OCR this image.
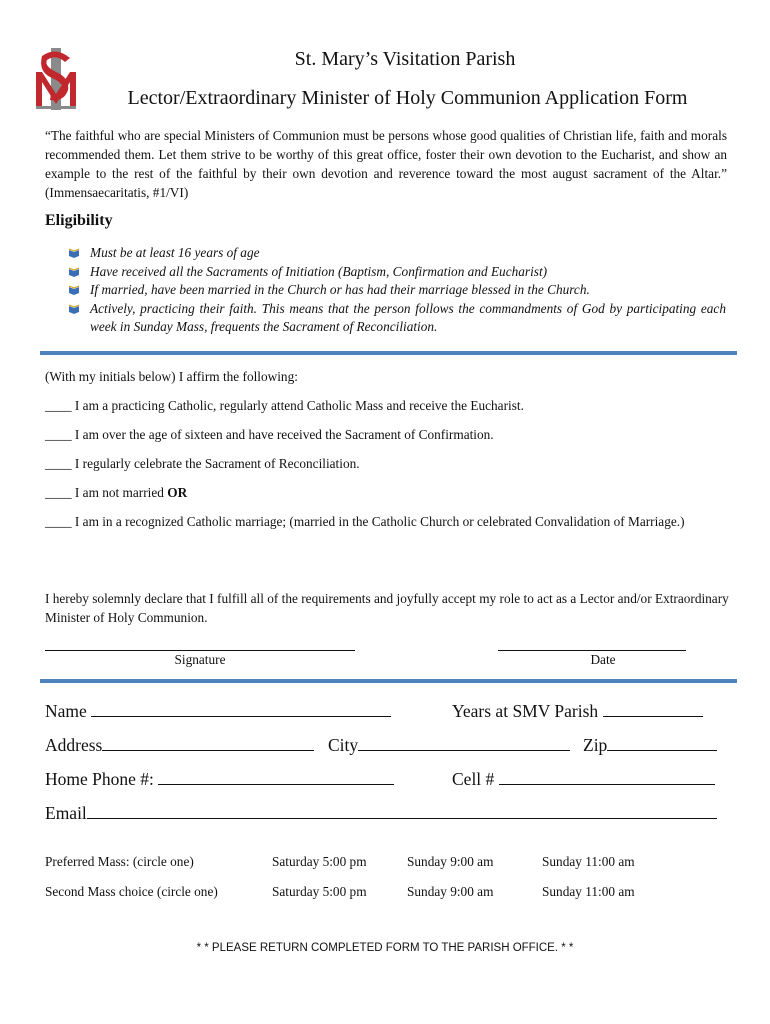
St. Mary’s Visitation Parish
Lector/Extraordinary Minister of Holy Communion Application Form
“The faithful who are special Ministers of Communion must be persons whose good qualities of Christian life, faith and morals recommended them. Let them strive to be worthy of this great office, foster their own devotion to the Eucharist, and show an example to the rest of the faithful by their own devotion and reverence toward the most august sacrament of the Altar.” (Immensaecaritatis, #1/VI)
Eligibility
Must be at least 16 years of age
Have received all the Sacraments of Initiation (Baptism, Confirmation and Eucharist)
If married, have been married in the Church or has had their marriage blessed in the Church.
Actively, practicing their faith. This means that the person follows the commandments of God by participating each week in Sunday Mass, frequents the Sacrament of Reconciliation.
(With my initials below) I affirm the following:
____ I am a practicing Catholic, regularly attend Catholic Mass and receive the Eucharist.
____ I am over the age of sixteen and have received the Sacrament of Confirmation.
____ I regularly celebrate the Sacrament of Reconciliation.
____ I am not married OR
____ I am in a recognized Catholic marriage; (married in the Catholic Church or celebrated Convalidation of Marriage.)
I hereby solemnly declare that I fulfill all of the requirements and joyfully accept my role to act as a Lector and/or Extraordinary Minister of Holy Communion.
Signature	Date
Name	Years at SMV Parish
Address	City	Zip
Home Phone #:	Cell #
Email
Preferred Mass: (circle one)	Saturday 5:00 pm	Sunday 9:00 am	Sunday 11:00 am
Second Mass choice (circle one)	Saturday 5:00 pm	Sunday 9:00 am	Sunday 11:00 am
* * PLEASE RETURN COMPLETED FORM TO THE PARISH OFFICE. * *
